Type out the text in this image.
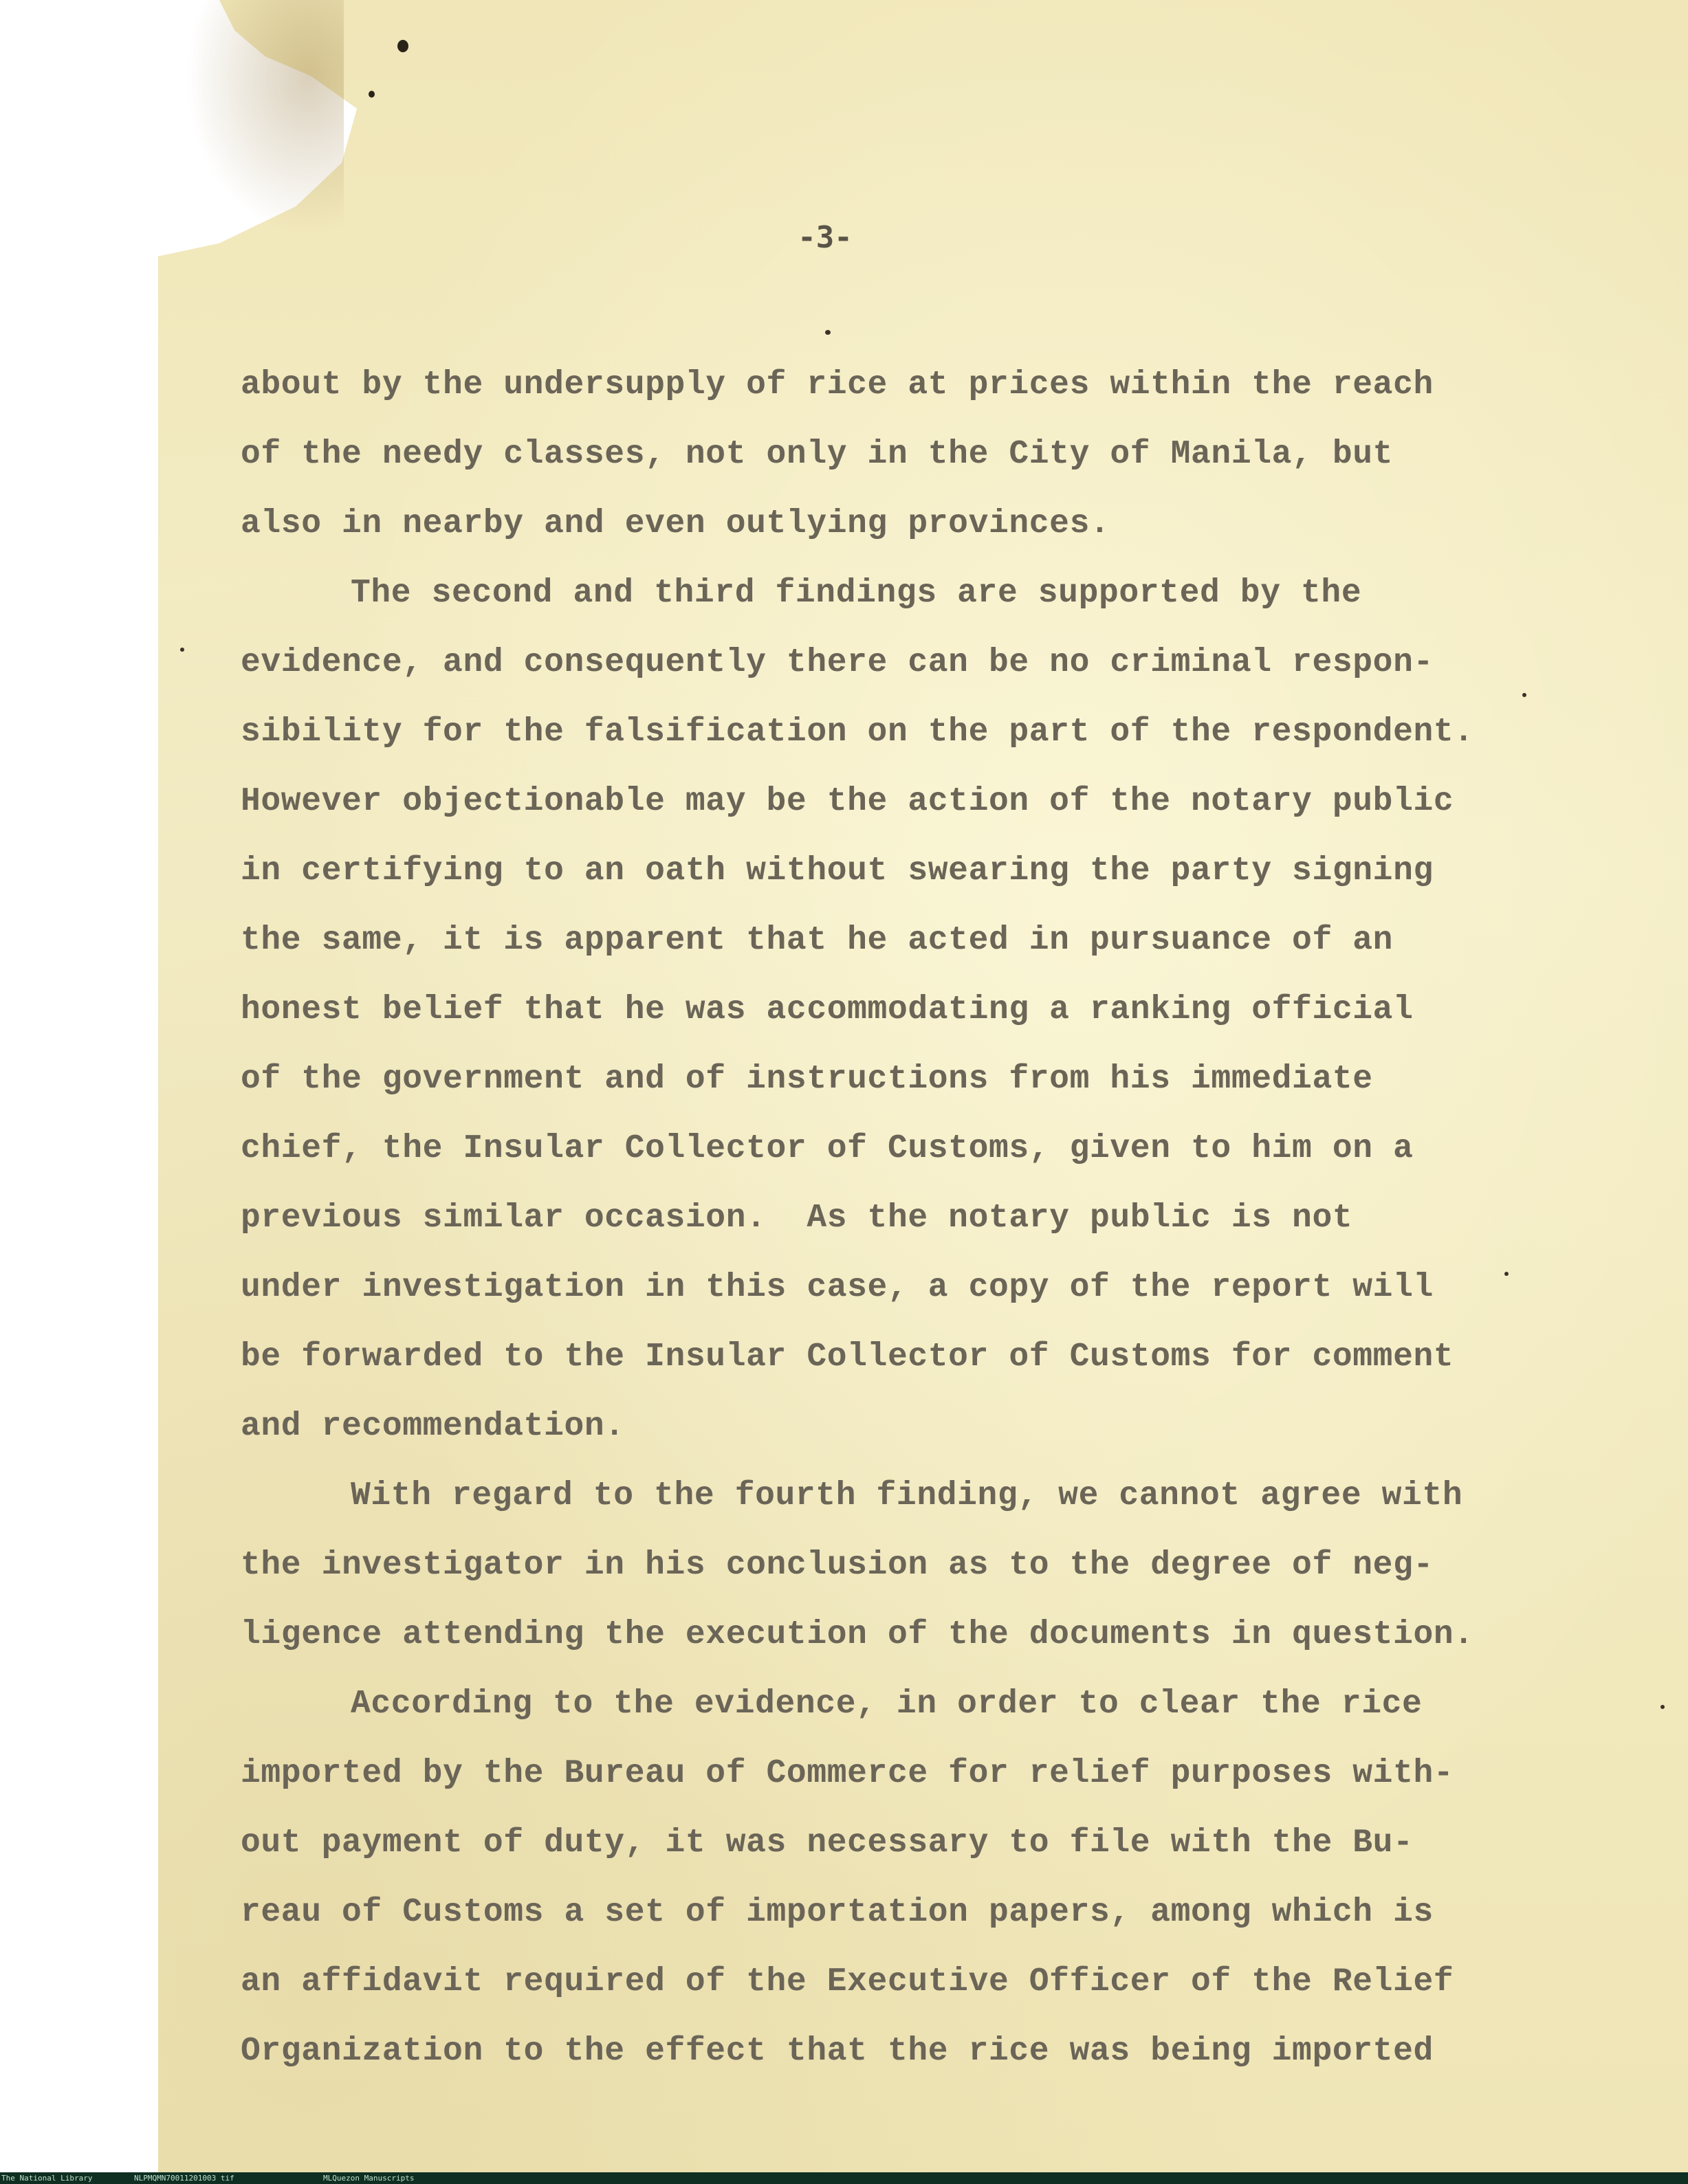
-3-
about by the undersupply of rice at prices within the reach
of the needy classes, not only in the City of Manila, but
also in nearby and even outlying provinces.
The second and third findings are supported by the
evidence, and consequently there can be no criminal respon-
sibility for the falsification on the part of the respondent.
However objectionable may be the action of the notary public
in certifying to an oath without swearing the party signing
the same, it is apparent that he acted in pursuance of an
honest belief that he was accommodating a ranking official
of the government and of instructions from his immediate
chief, the Insular Collector of Customs, given to him on a
previous similar occasion.  As the notary public is not
under investigation in this case, a copy of the report will
be forwarded to the Insular Collector of Customs for comment
and recommendation.
With regard to the fourth finding, we cannot agree with
the investigator in his conclusion as to the degree of neg-
ligence attending the execution of the documents in question.
According to the evidence, in order to clear the rice
imported by the Bureau of Commerce for relief purposes with-
out payment of duty, it was necessary to file with the Bu-
reau of Customs a set of importation papers, among which is
an affidavit required of the Executive Officer of the Relief
Organization to the effect that the rice was being imported

The National Library

	NLPMQMN70011201003 tif

	MLQuezon Manuscripts
